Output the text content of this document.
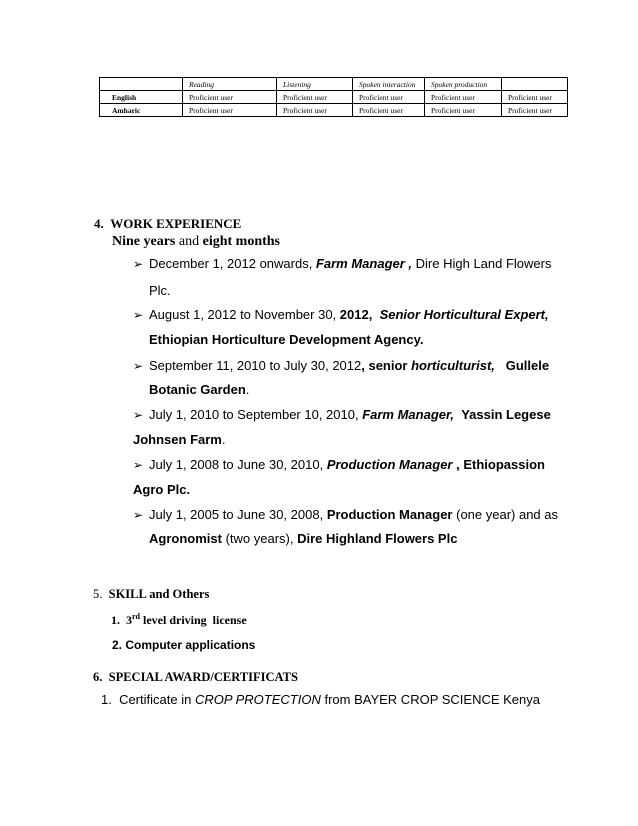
	Reading	Listening	Spoken interaction	Spoken production	
English	Proficient user	Proficient user	Proficient user	Proficient user	Proficient user
Amharic	Proficient user	Proficient user	Proficient user	Proficient user	Proficient user
4.  WORK EXPERIENCE
Nine years and eight months
➢ December 1, 2012 onwards, Farm Manager , Dire High Land Flowers
Plc.
➢ August 1, 2012 to November 30, 2012, Senior Horticultural Expert,
Ethiopian Horticulture Development Agency.
➢ September 11, 2010 to July 30, 2012, senior horticulturist, Gullele
Botanic Garden.
➢ July 1, 2010 to September 10, 2010, Farm Manager, Yassin Legese
Johnsen Farm.
➢ July 1, 2008 to June 30, 2010, Production Manager , Ethiopassion
Agro Plc.
➢ July 1, 2005 to June 30, 2008, Production Manager (one year) and as
Agronomist (two years), Dire Highland Flowers Plc
5.  SKILL and Others
1.  3rd level driving  license
2. Computer applications
6.  SPECIAL AWARD/CERTIFICATS
1.  Certificate in CROP PROTECTION from BAYER CROP SCIENCE Kenya
